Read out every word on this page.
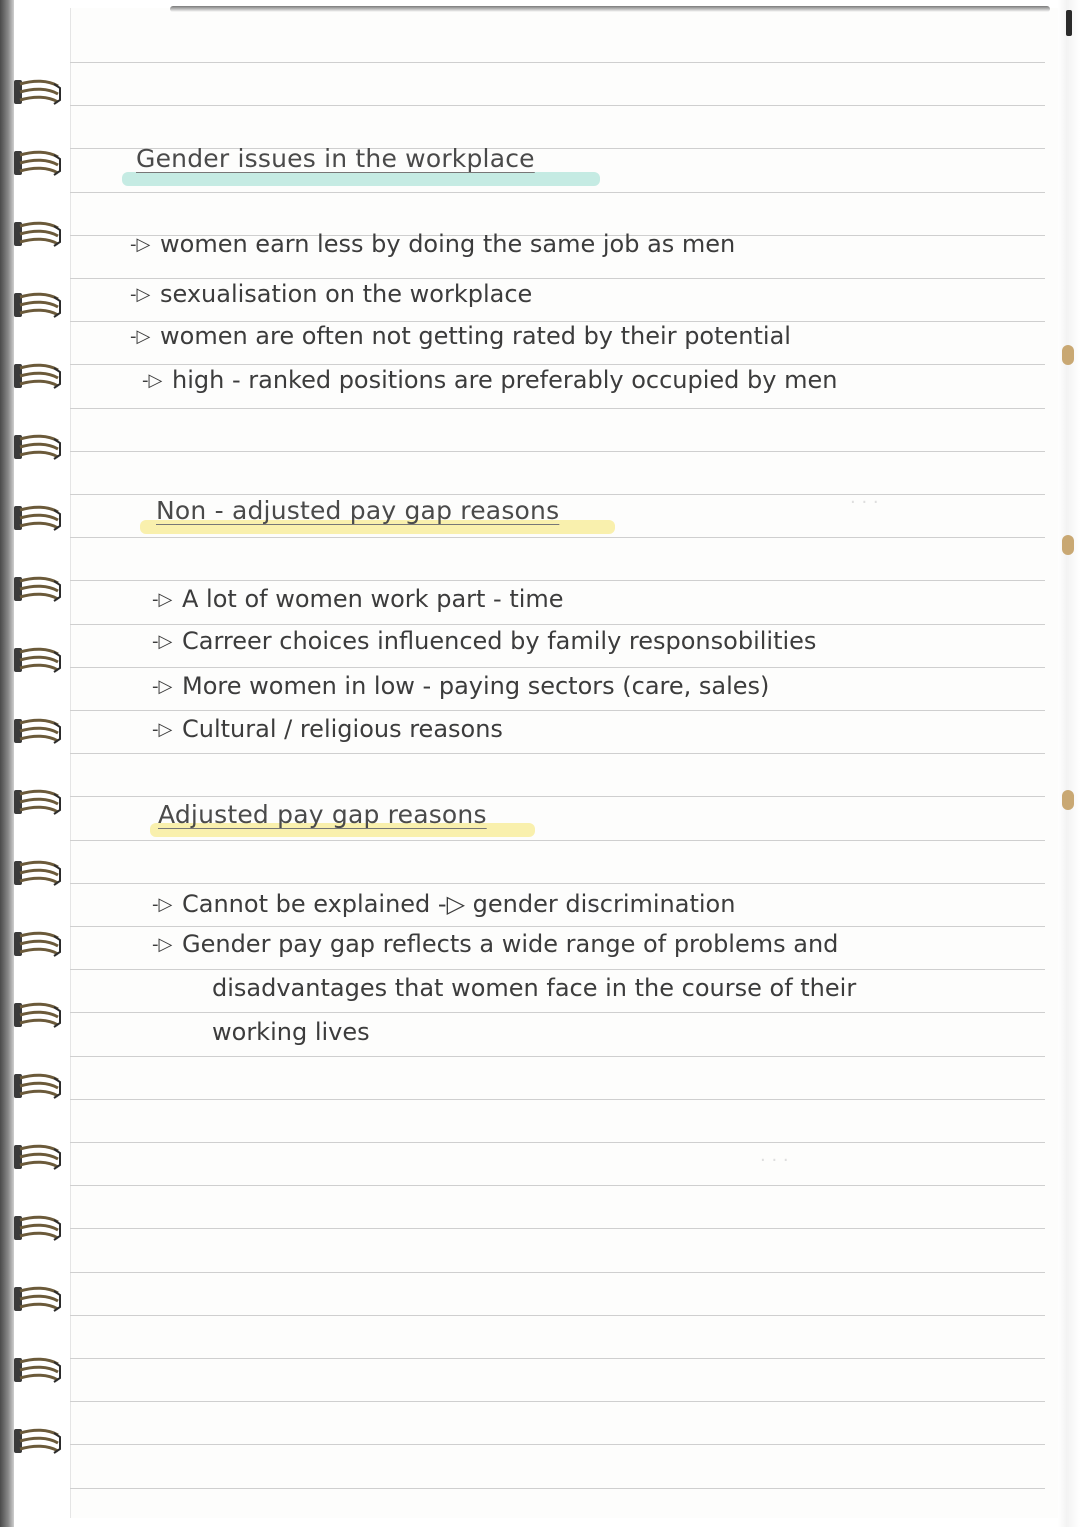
· · ·
· · ·
Gender issues in the workplace
-▷ women earn less by doing the same job as men
-▷ sexualisation on the workplace
-▷ women are often not getting rated by their potential
-▷ high - ranked positions are preferably occupied by men
Non - adjusted pay gap reasons
-▷ A lot of women work part - time
-▷ Carreer choices influenced by family responsobilities
-▷ More women in low - paying sectors (care, sales)
-▷ Cultural / religious reasons
Adjusted pay gap reasons
-▷ Cannot be explained -▷ gender discrimination
-▷ Gender pay gap reflects a wide range of problems and
disadvantages that women face in the course of their
working lives
